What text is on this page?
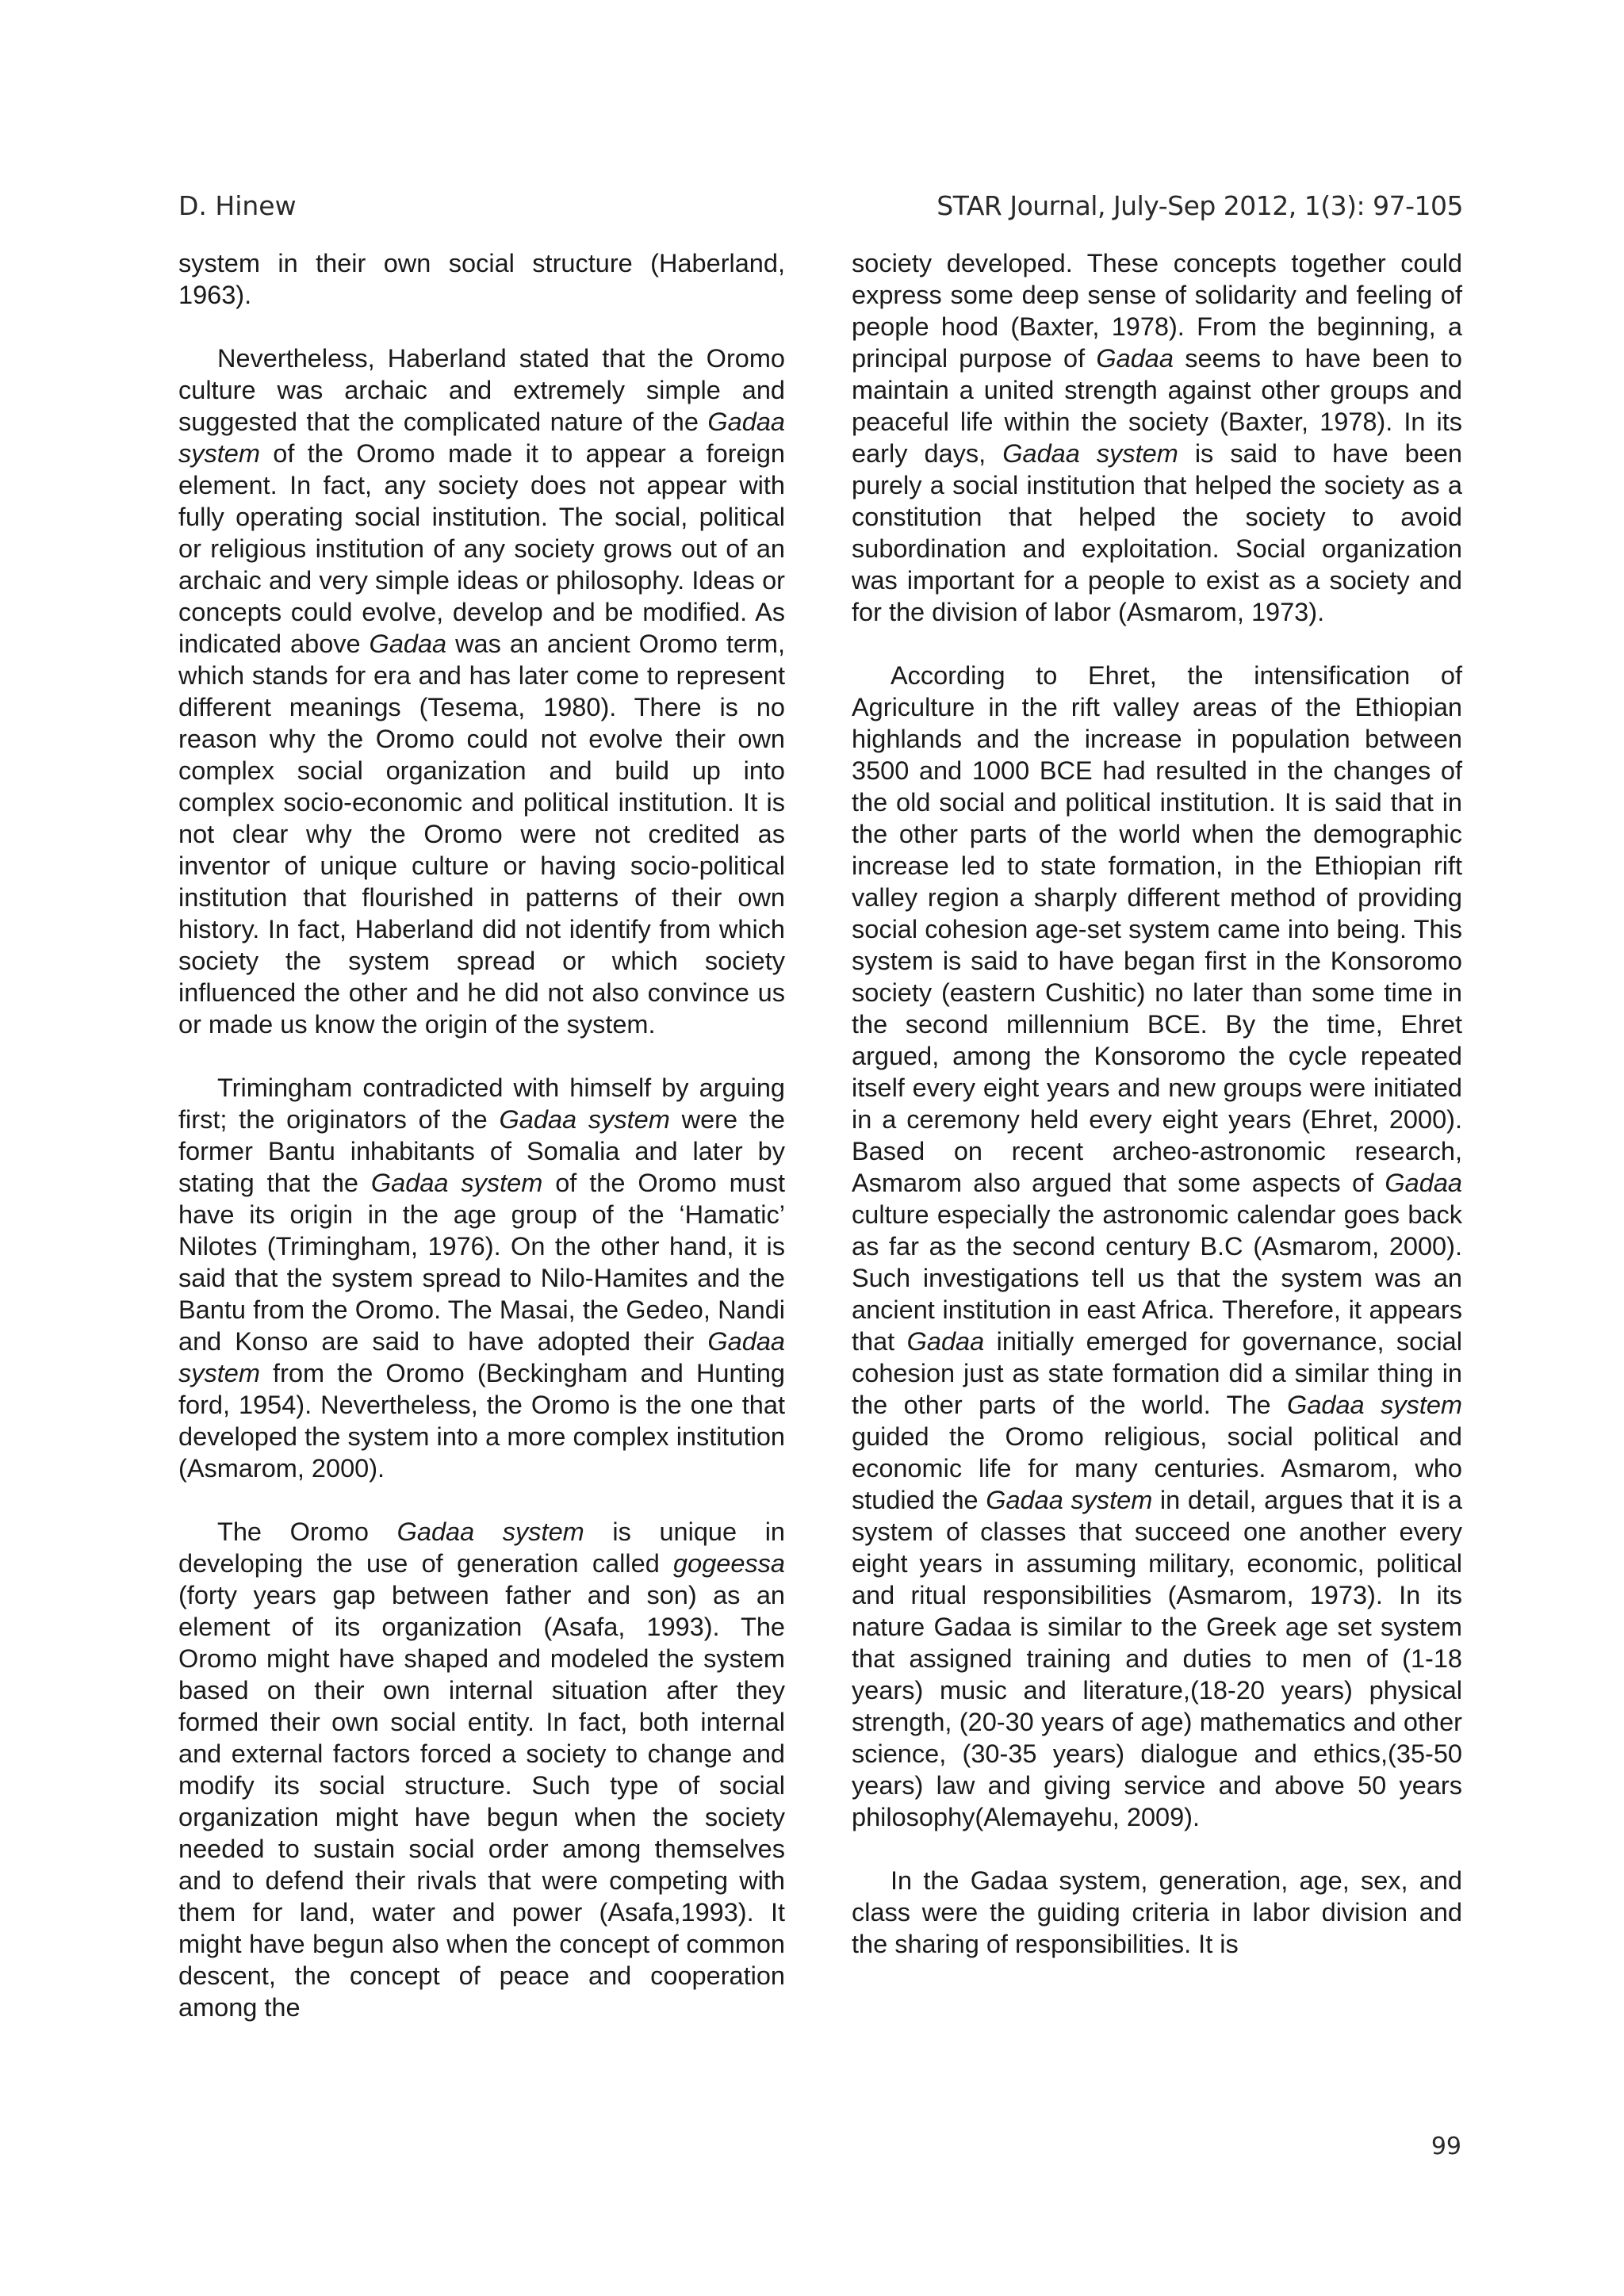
D. Hinew	STAR Journal, July-Sep 2012, 1(3): 97-105

system in their own social structure (Haberland, 1963).

Nevertheless, Haberland stated that the Oromo culture was archaic and extremely simple and suggested that the complicated nature of the Gadaa system of the Oromo made it to appear a foreign element. In fact, any society does not appear with fully operating social institution. The social, political or religious institution of any society grows out of an archaic and very simple ideas or philosophy. Ideas or concepts could evolve, develop and be modified. As indicated above Gadaa was an ancient Oromo term, which stands for era and has later come to represent different meanings (Tesema, 1980). There is no reason why the Oromo could not evolve their own complex social organization and build up into complex socio-economic and political institution. It is not clear why the Oromo were not credited as inventor of unique culture or having socio-political institution that flourished in patterns of their own history. In fact, Haberland did not identify from which society the system spread or which society influenced the other and he did not also convince us or made us know the origin of the system.

Trimingham contradicted with himself by arguing first; the originators of the Gadaa system were the former Bantu inhabitants of Somalia and later by stating that the Gadaa system of the Oromo must have its origin in the age group of the ‘Hamatic’ Nilotes (Trimingham, 1976). On the other hand, it is said that the system spread to Nilo-Hamites and the Bantu from the Oromo. The Masai, the Gedeo, Nandi and Konso are said to have adopted their Gadaa system from the Oromo (Beckingham and Hunting ford, 1954). Nevertheless, the Oromo is the one that developed the system into a more complex institution (Asmarom, 2000).

The Oromo Gadaa system is unique in developing the use of generation called gogeessa (forty years gap between father and son) as an element of its organization (Asafa, 1993). The Oromo might have shaped and modeled the system based on their own internal situation after they formed their own social entity. In fact, both internal and external factors forced a society to change and modify its social structure. Such type of social organization might have begun when the society needed to sustain social order among themselves and to defend their rivals that were competing with them for land, water and power (Asafa,1993). It might have begun also when the concept of common descent, the concept of peace and cooperation among the

society developed. These concepts together could express some deep sense of solidarity and feeling of people hood (Baxter, 1978). From the beginning, a principal purpose of Gadaa seems to have been to maintain a united strength against other groups and peaceful life within the society (Baxter, 1978). In its early days, Gadaa system is said to have been purely a social institution that helped the society as a constitution that helped the society to avoid subordination and exploitation. Social organization was important for a people to exist as a society and for the division of labor (Asmarom, 1973).

According to Ehret, the intensification of Agriculture in the rift valley areas of the Ethiopian highlands and the increase in population between 3500 and 1000 BCE had resulted in the changes of the old social and political institution. It is said that in the other parts of the world when the demographic increase led to state formation, in the Ethiopian rift valley region a sharply different method of providing social cohesion age-set system came into being. This system is said to have began first in the Konsoromo society (eastern Cushitic) no later than some time in the second millennium BCE. By the time, Ehret argued, among the Konsoromo the cycle repeated itself every eight years and new groups were initiated in a ceremony held every eight years (Ehret, 2000). Based on recent archeo-astronomic research, Asmarom also argued that some aspects of Gadaa culture especially the astronomic calendar goes back as far as the second century B.C (Asmarom, 2000). Such investigations tell us that the system was an ancient institution in east Africa. Therefore, it appears that Gadaa initially emerged for governance, social cohesion just as state formation did a similar thing in the other parts of the world. The Gadaa system guided the Oromo religious, social political and economic life for many centuries. Asmarom, who studied the Gadaa system in detail, argues that it is a system of classes that succeed one another every eight years in assuming military, economic, political and ritual responsibilities (Asmarom, 1973). In its nature Gadaa is similar to the Greek age set system that assigned training and duties to men of (1-18 years) music and literature,(18-20 years) physical strength, (20-30 years of age) mathematics and other science, (30-35 years) dialogue and ethics,(35-50 years) law and giving service and above 50 years philosophy(Alemayehu, 2009).

In the Gadaa system, generation, age, sex, and class were the guiding criteria in labor division and the sharing of responsibilities. It is

99
